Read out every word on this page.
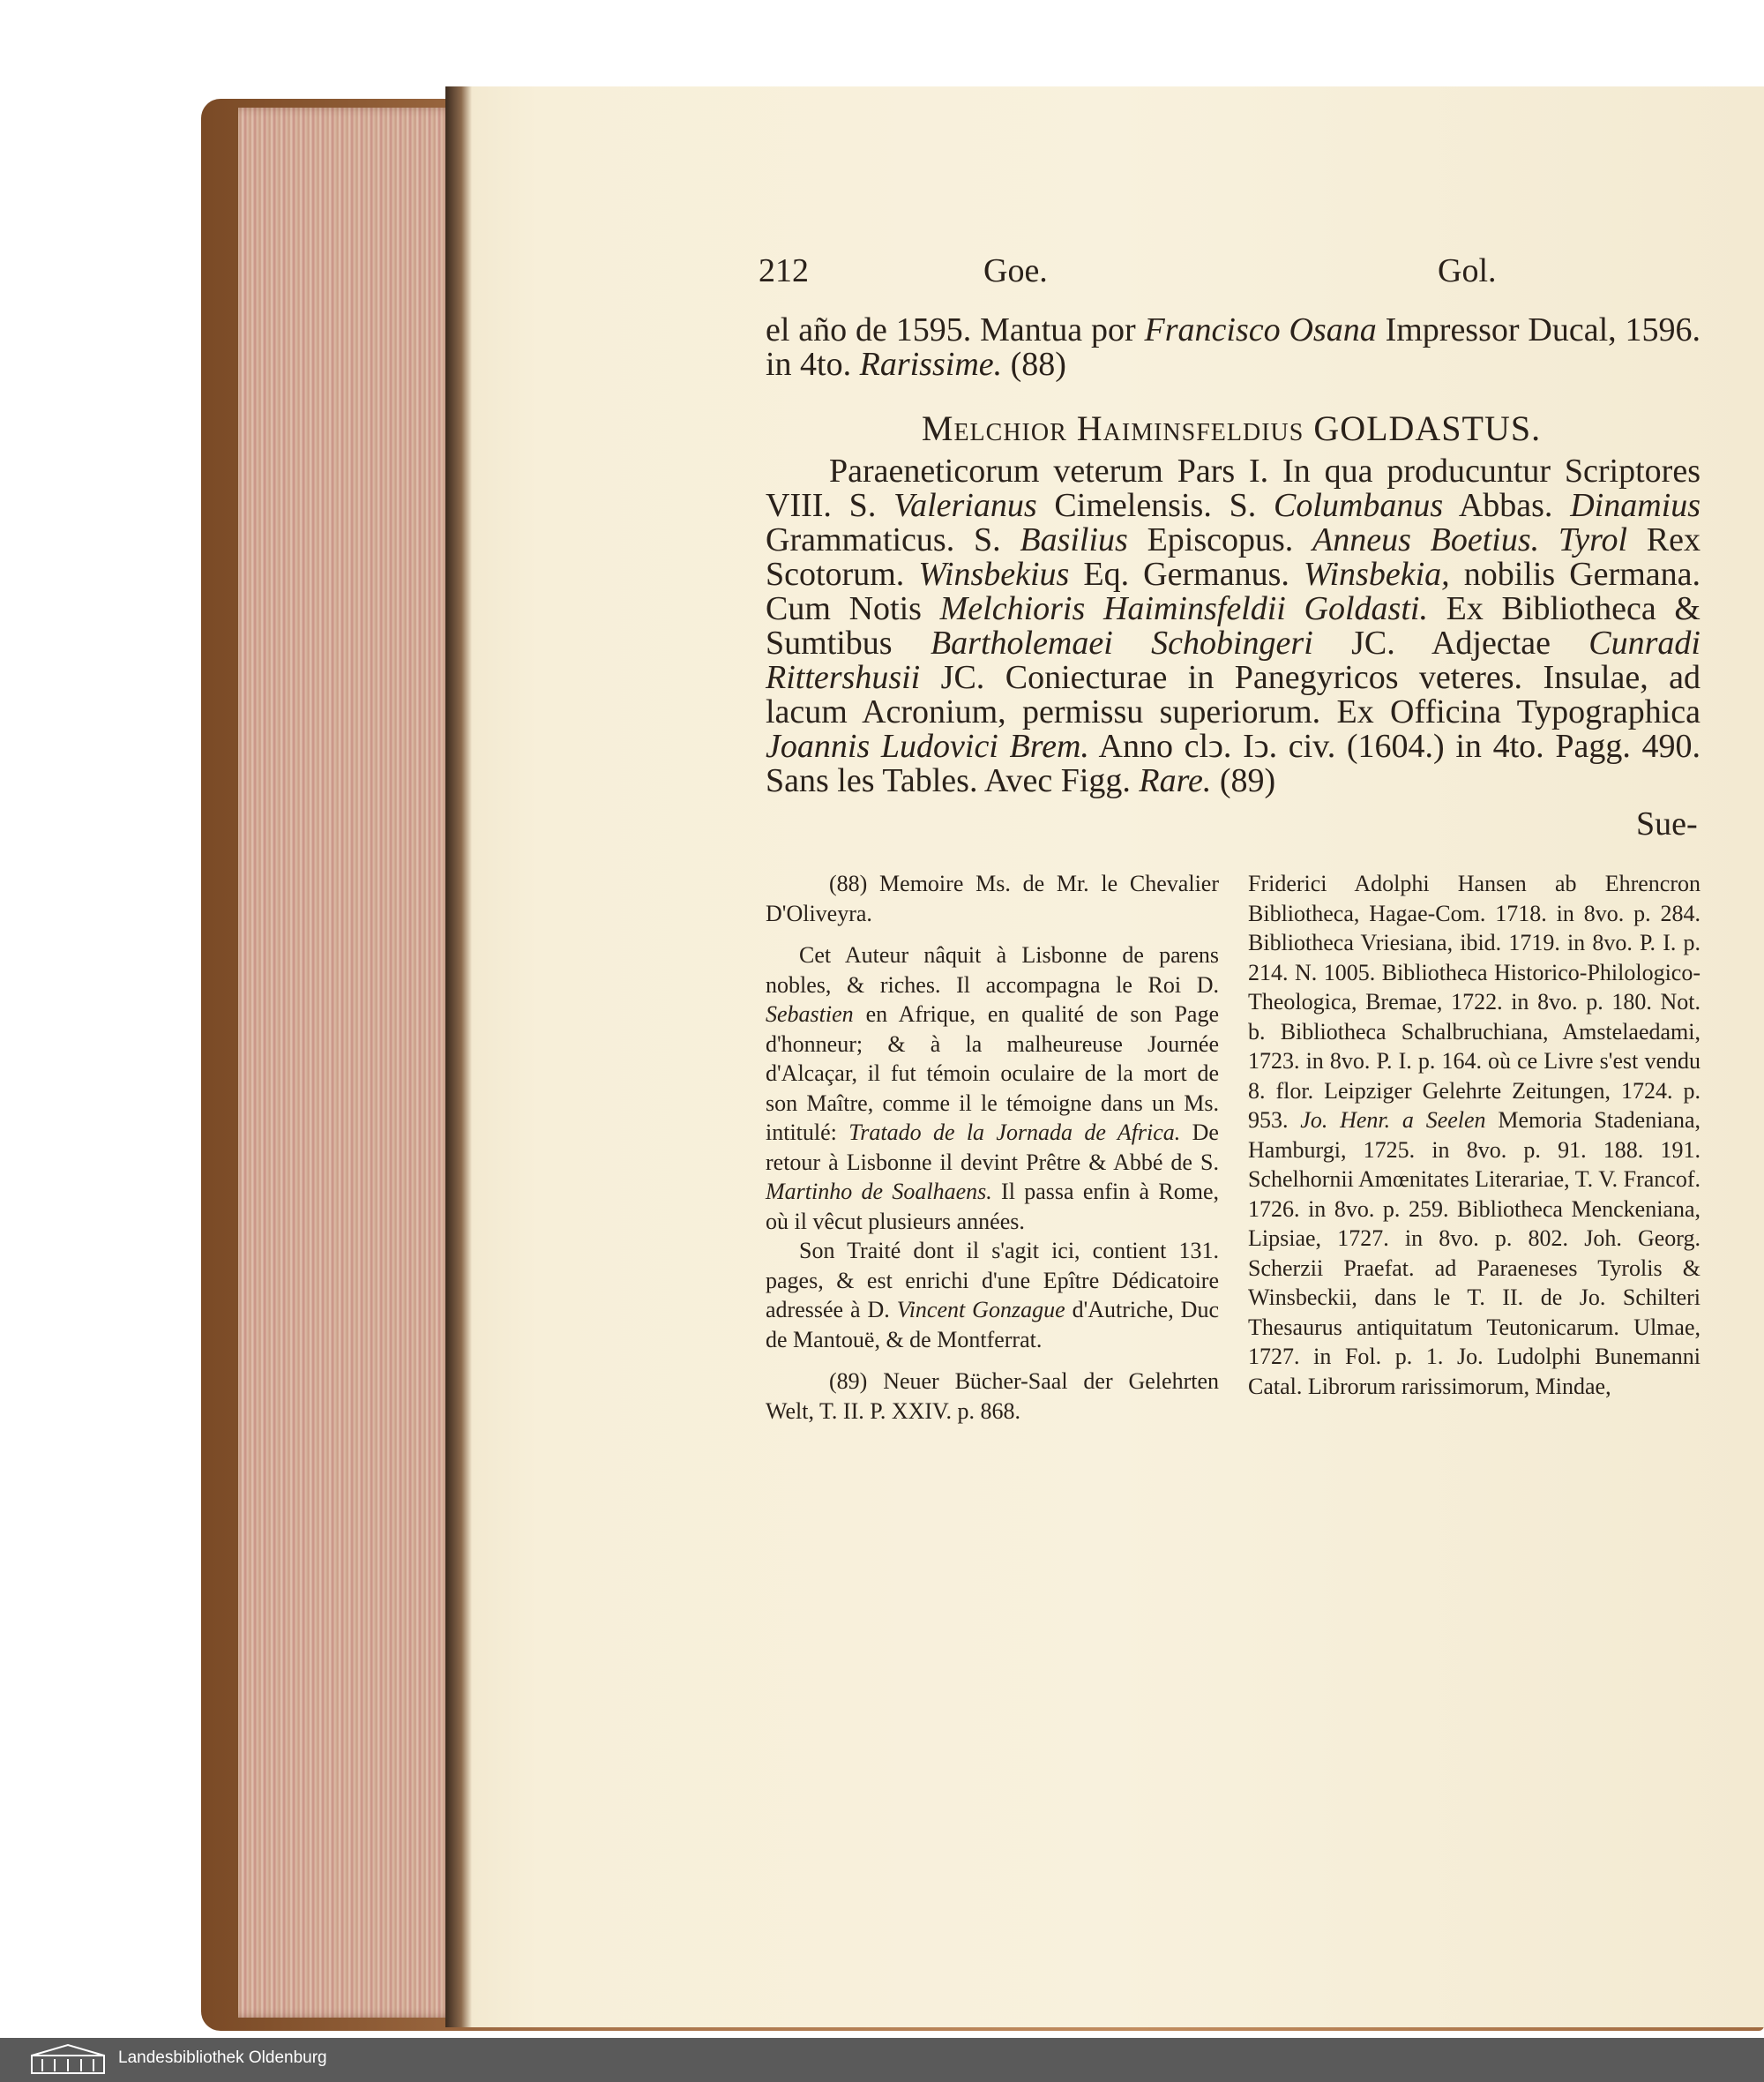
212	Goe.	Gol.
el año de 1595. Mantua por Francisco Osana Impressor Ducal, 1596. in 4to. Rarissime. (88)
Melchior Haiminsfeldius GOLDASTUS.
Paraeneticorum veterum Pars I. In qua producuntur Scriptores VIII. S. Valerianus Cimelensis. S. Columbanus Abbas. Dinamius Grammaticus. S. Basilius Episcopus. Anneus Boetius. Tyrol Rex Scotorum. Winsbekius Eq. Germanus. Winsbekia, nobilis Germana. Cum Notis Melchioris Haiminsfeldii Goldasti. Ex Bibliotheca & Sumtibus Bartholemaei Schobingeri JC. Adjectae Cunradi Rittershusii JC. Coniecturae in Panegyricos veteres. Insulae, ad lacum Acronium, permissu superiorum. Ex Officina Typographica Joannis Ludovici Brem. Anno clↄ. Iↄ. civ. (1604.) in 4to. Pagg. 490. Sans les Tables. Avec Figg. Rare. (89)
Sue-

(88) Memoire Ms. de Mr. le Chevalier D'Oliveyra.

Cet Auteur nâquit à Lisbonne de parens nobles, & riches. Il accompagna le Roi D. Sebastien en Afrique, en qualité de son Page d'honneur; & à la malheureuse Journée d'Alcaçar, il fut témoin oculaire de la mort de son Maître, comme il le témoigne dans un Ms. intitulé: Tratado de la Jornada de Africa. De retour à Lisbonne il devint Prêtre & Abbé de S. Martinho de Soalhaens. Il passa enfin à Rome, où il vêcut plusieurs années.

Son Traité dont il s'agit ici, contient 131. pages, & est enrichi d'une Epître Dédicatoire adressée à D. Vincent Gonzague d'Autriche, Duc de Mantouë, & de Montferrat.

(89) Neuer Bücher-Saal der Gelehrten Welt, T. II. P. XXIV. p. 868.

Friderici Adolphi Hansen ab Ehrencron Bibliotheca, Hagae-Com. 1718. in 8vo. p. 284. Bibliotheca Vriesiana, ibid. 1719. in 8vo. P. I. p. 214. N. 1005. Bibliotheca Historico-Philologico-Theologica, Bremae, 1722. in 8vo. p. 180. Not. b. Bibliotheca Schalbruchiana, Amstelaedami, 1723. in 8vo. P. I. p. 164. où ce Livre s'est vendu 8. flor. Leipziger Gelehrte Zeitungen, 1724. p. 953. Jo. Henr. a Seelen Memoria Stadeniana, Hamburgi, 1725. in 8vo. p. 91. 188. 191. Schelhornii Amœnitates Literariae, T. V. Francof. 1726. in 8vo. p. 259. Bibliotheca Menckeniana, Lipsiae, 1727. in 8vo. p. 802. Joh. Georg. Scherzii Praefat. ad Paraeneses Tyrolis & Winsbeckii, dans le T. II. de Jo. Schilteri Thesaurus antiquitatum Teutonicarum. Ulmae, 1727. in Fol. p. 1. Jo. Ludolphi Bunemanni Catal. Librorum rarissimorum, Mindae,

Landesbibliothek Oldenburg
